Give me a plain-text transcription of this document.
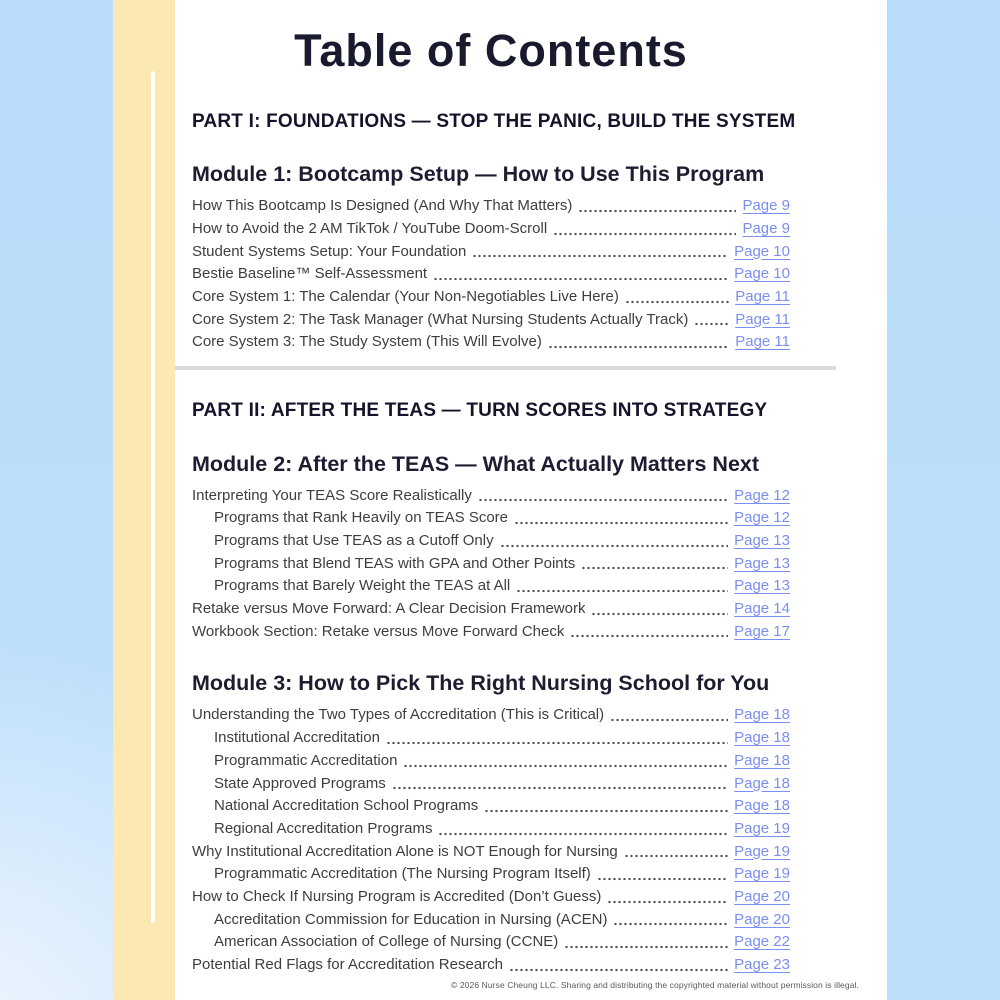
Table of Contents
PART I: FOUNDATIONS — STOP THE PANIC, BUILD THE SYSTEM
Module 1: Bootcamp Setup — How to Use This Program
How This Bootcamp Is Designed (And Why That Matters)	Page 9
How to Avoid the 2 AM TikTok / YouTube Doom-Scroll	Page 9
Student Systems Setup: Your Foundation	Page 10
Bestie Baseline™ Self-Assessment	Page 10
Core System 1: The Calendar (Your Non-Negotiables Live Here)	Page 11
Core System 2: The Task Manager (What Nursing Students Actually Track)	Page 11
Core System 3: The Study System (This Will Evolve)	Page 11
PART II: AFTER THE TEAS — TURN SCORES INTO STRATEGY
Module 2: After the TEAS — What Actually Matters Next
Interpreting Your TEAS Score Realistically	Page 12
Programs that Rank Heavily on TEAS Score	Page 12
Programs that Use TEAS as a Cutoff Only	Page 13
Programs that Blend TEAS with GPA and Other Points	Page 13
Programs that Barely Weight the TEAS at All	Page 13
Retake versus Move Forward: A Clear Decision Framework	Page 14
Workbook Section: Retake versus Move Forward Check	Page 17
Module 3: How to Pick The Right Nursing School for You
Understanding the Two Types of Accreditation (This is Critical)	Page 18
Institutional Accreditation	Page 18
Programmatic Accreditation	Page 18
State Approved Programs	Page 18
National Accreditation School Programs	Page 18
Regional Accreditation Programs	Page 19
Why Institutional Accreditation Alone is NOT Enough for Nursing	Page 19
Programmatic Accreditation (The Nursing Program Itself)	Page 19
How to Check If Nursing Program is Accredited (Don’t Guess)	Page 20
Accreditation Commission for Education in Nursing (ACEN)	Page 20
American Association of College of Nursing (CCNE)	Page 22
Potential Red Flags for Accreditation Research	Page 23
© 2026 Nurse Cheung LLC. Sharing and distributing the copyrighted material without permission is illegal.
